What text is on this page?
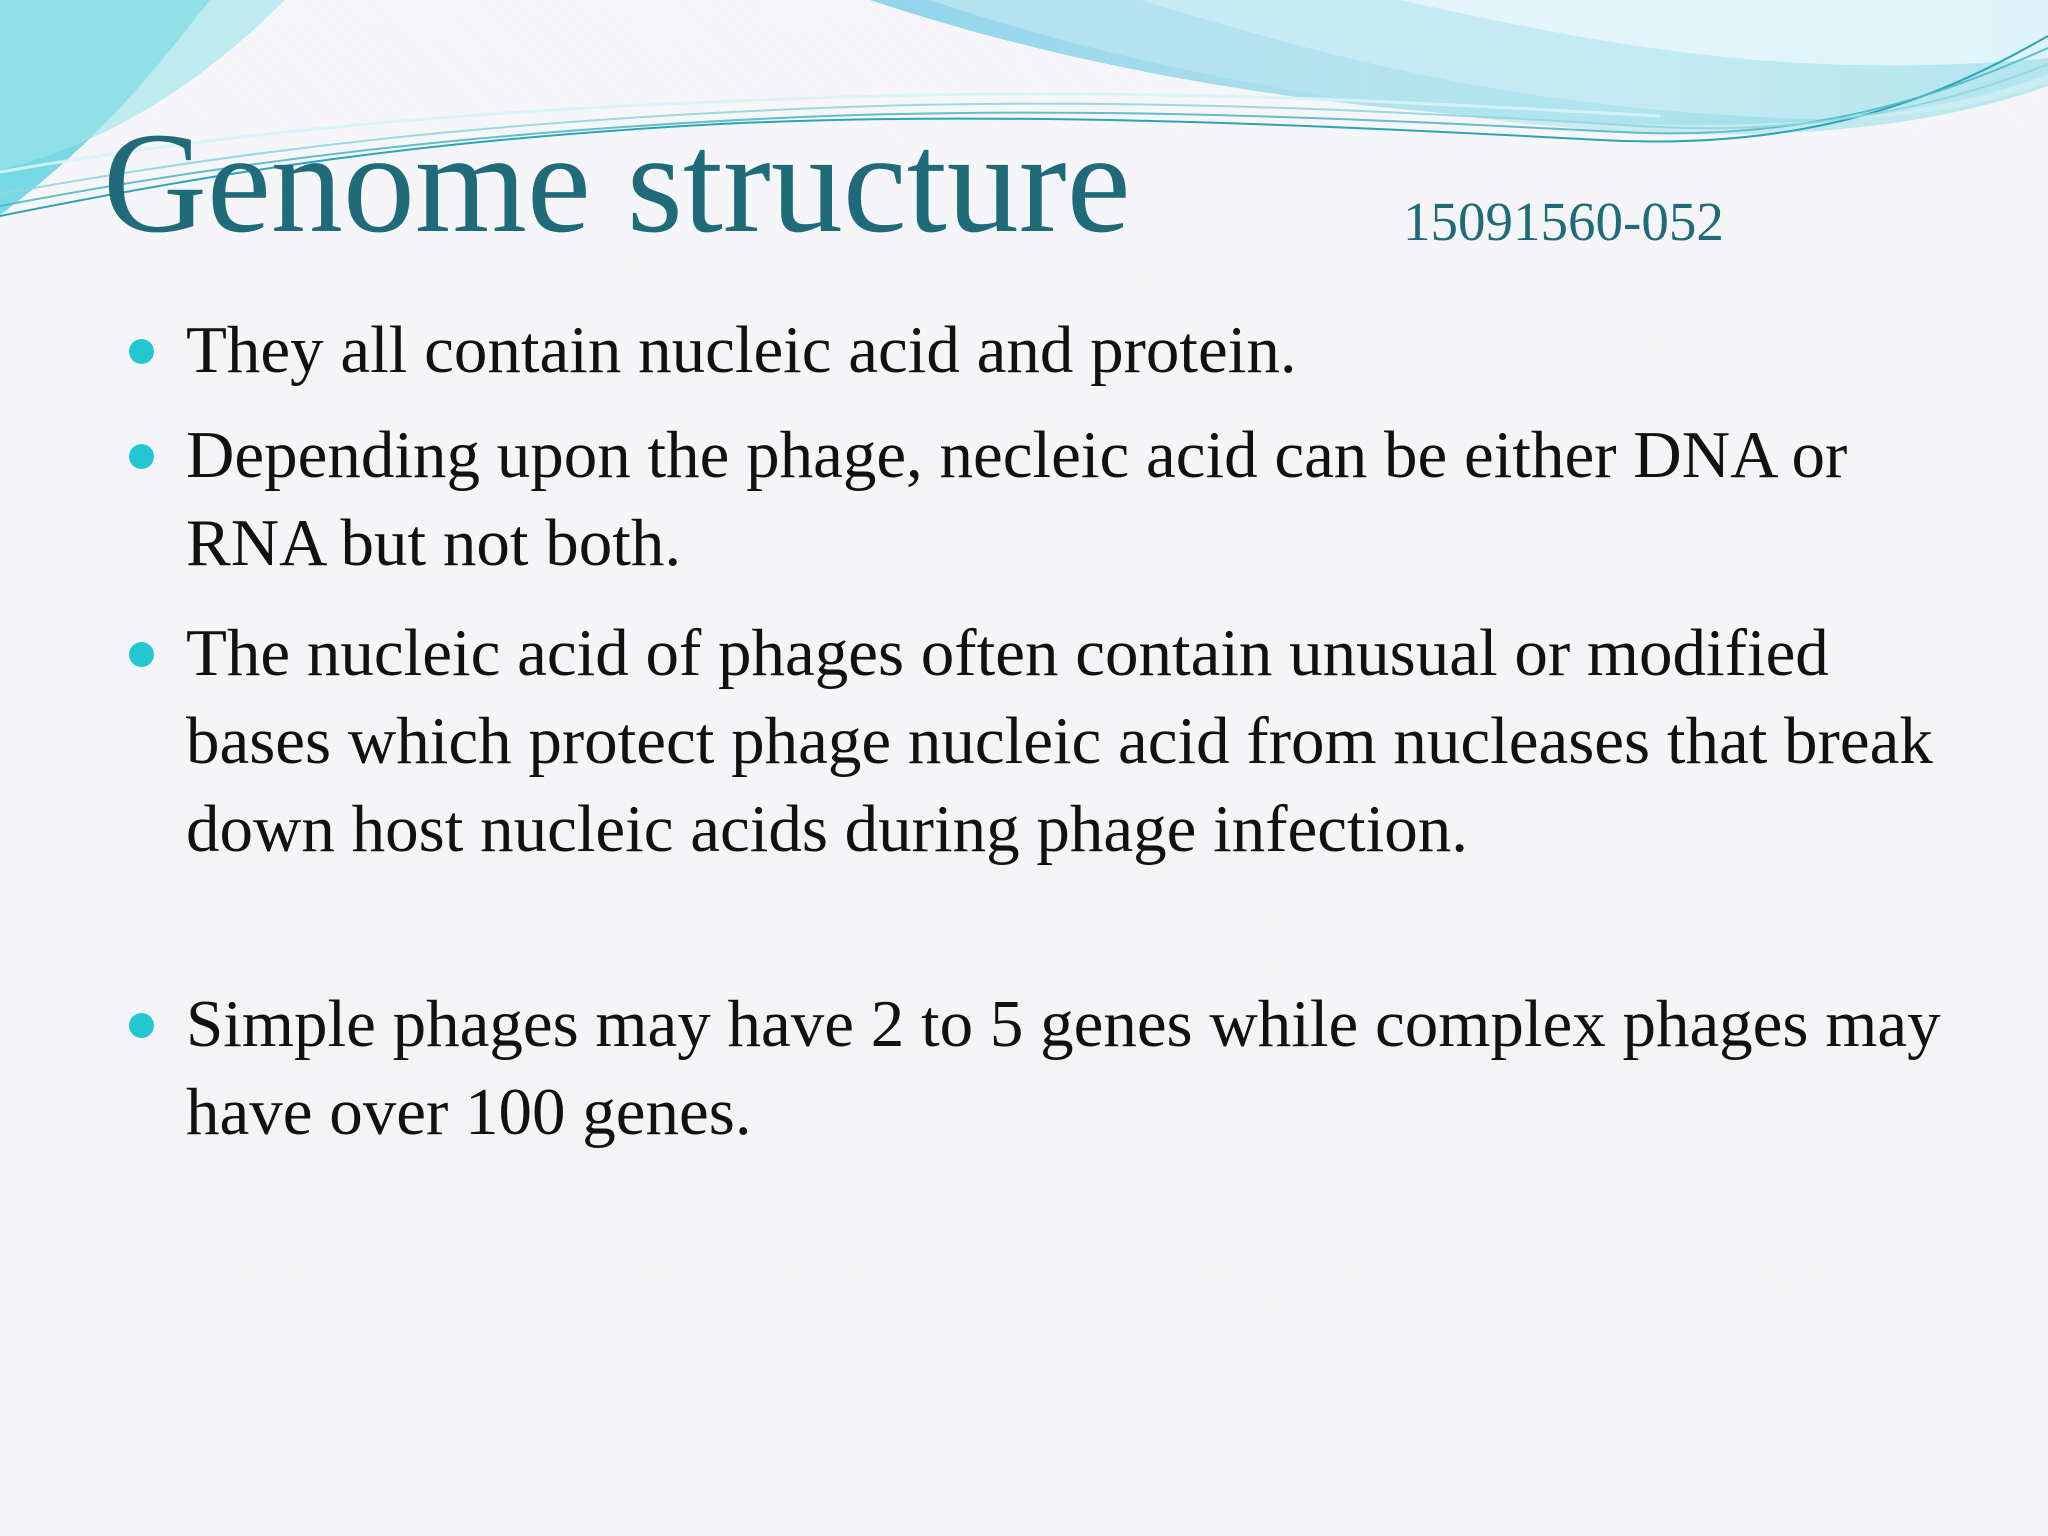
Genome structure	15091560-052
They all contain nucleic acid and protein.
Depending upon the phage, necleic acid can be either DNA or RNA but not both.
The nucleic acid of phages often contain unusual or modified bases which protect phage nucleic acid from nucleases that break down host nucleic acids during phage infection.
Simple phages may have 2 to 5 genes while complex phages may have over 100 genes.
